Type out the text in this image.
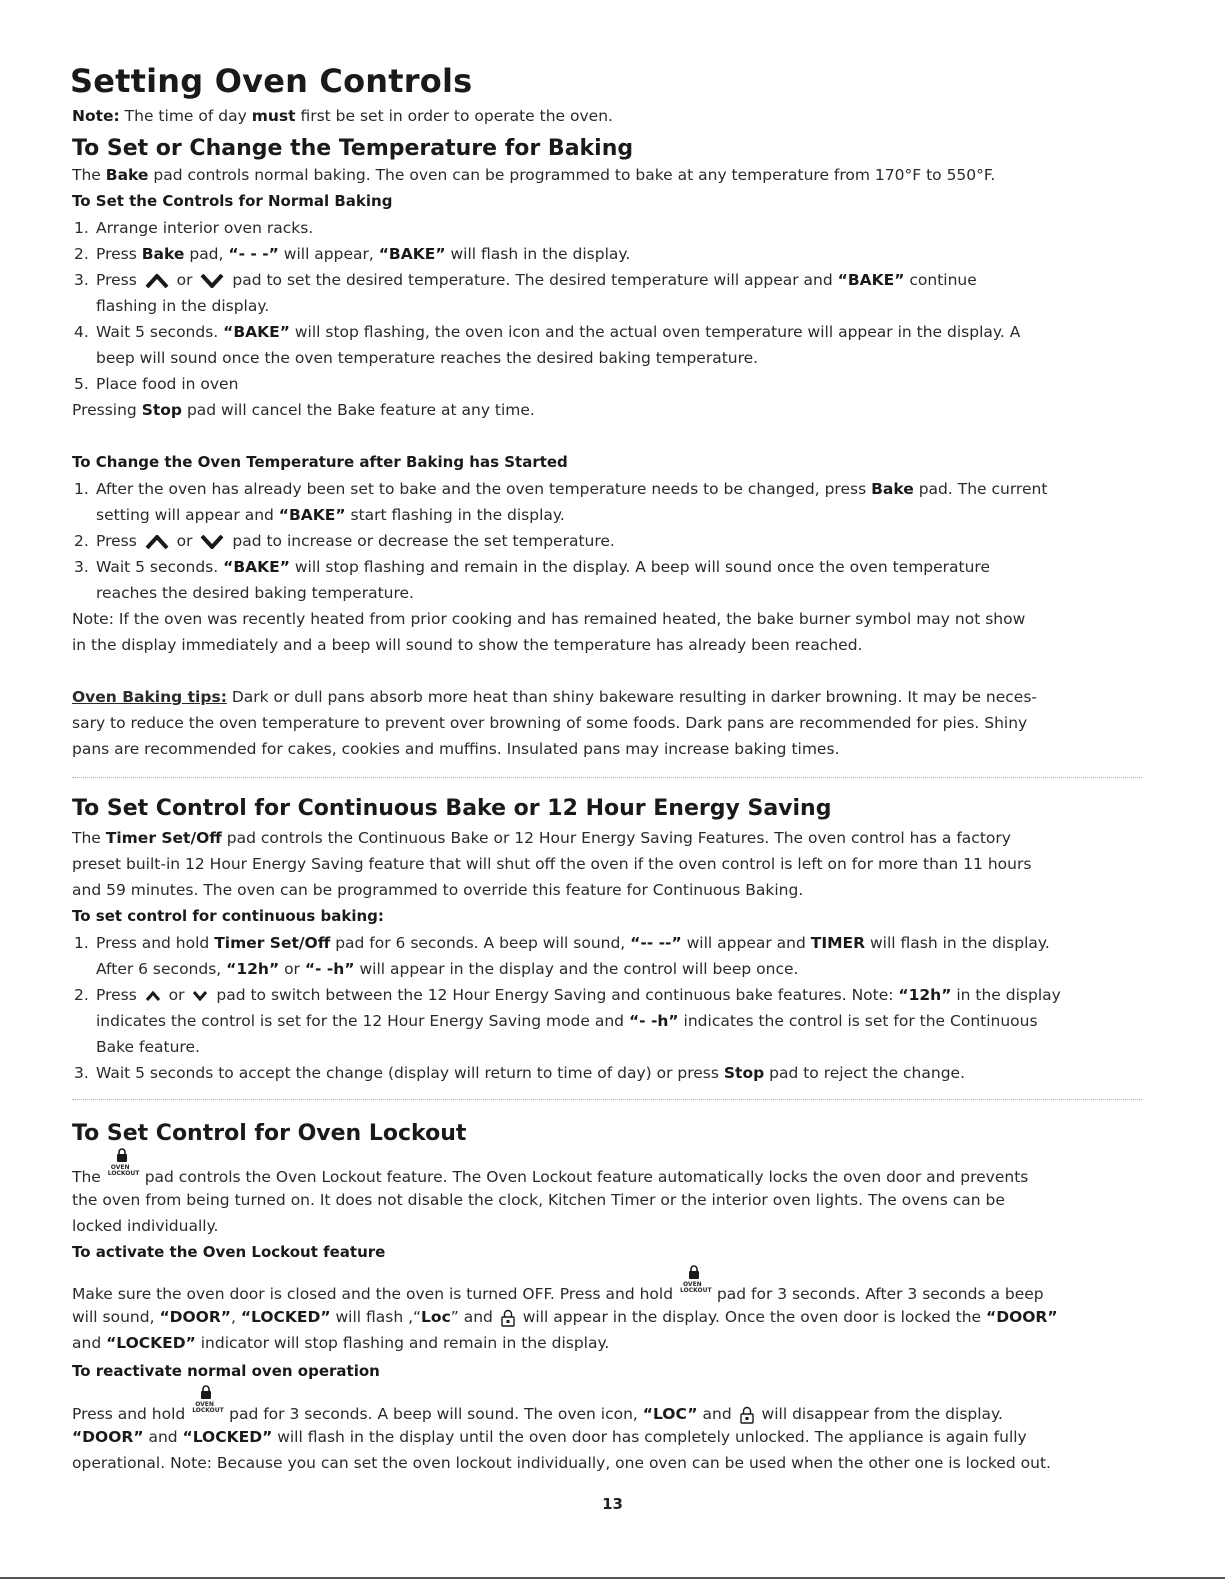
Setting Oven Controls

Note: The time of day must first be set in order to operate the oven.

To Set or Change the Temperature for Baking

The Bake pad controls normal baking. The oven can be programmed to bake at any temperature from 170°F to 550°F.

To Set the Controls for Normal Baking

1. Arrange interior oven racks.

2. Press Bake pad, “- - -” will appear, “BAKE” will flash in the display.

3. Press  or  pad to set the desired temperature. The desired temperature will appear and “BAKE” continue

flashing in the display.

4. Wait 5 seconds. “BAKE” will stop flashing, the oven icon and the actual oven temperature will appear in the display. A

beep will sound once the oven temperature reaches the desired baking temperature.

5. Place food in oven

Pressing Stop pad will cancel the Bake feature at any time.

To Change the Oven Temperature after Baking has Started

1. After the oven has already been set to bake and the oven temperature needs to be changed, press Bake pad. The current

setting will appear and “BAKE” start flashing in the display.

2. Press  or  pad to increase or decrease the set temperature.

3. Wait 5 seconds. “BAKE” will stop flashing and remain in the display. A beep will sound once the oven temperature

reaches the desired baking temperature.

Note: If the oven was recently heated from prior cooking and has remained heated, the bake burner symbol may not show

in the display immediately and a beep will sound to show the temperature has already been reached.

Oven Baking tips: Dark or dull pans absorb more heat than shiny bakeware resulting in darker browning. It may be neces-

sary to reduce the oven temperature to prevent over browning of some foods. Dark pans are recommended for pies. Shiny

pans are recommended for cakes, cookies and muffins. Insulated pans may increase baking times.

To Set Control for Continuous Bake or 12 Hour Energy Saving

The Timer Set/Off pad controls the Continuous Bake or 12 Hour Energy Saving Features. The oven control has a factory

preset built-in 12 Hour Energy Saving feature that will shut off the oven if the oven control is left on for more than 11 hours

and 59 minutes. The oven can be programmed to override this feature for Continuous Baking.

To set control for continuous baking:

1. Press and hold Timer Set/Off pad for 6 seconds. A beep will sound, “-- --” will appear and TIMER will flash in the display.

After 6 seconds, “12h” or “- -h” will appear in the display and the control will beep once.

2. Press  or  pad to switch between the 12 Hour Energy Saving and continuous bake features. Note: “12h” in the display

indicates the control is set for the 12 Hour Energy Saving mode and “- -h” indicates the control is set for the Continuous

Bake feature.

3. Wait 5 seconds to accept the change (display will return to time of day) or press Stop pad to reject the change.

To Set Control for Oven Lockout

The
OVEN
LOCKOUT pad controls the Oven Lockout feature. The Oven Lockout feature automatically locks the oven door and prevents

the oven from being turned on. It does not disable the clock, Kitchen Timer or the interior oven lights. The ovens can be

locked individually.

To activate the Oven Lockout feature

Make sure the oven door is closed and the oven is turned OFF. Press and hold
OVEN
LOCKOUT pad for 3 seconds. After 3 seconds a beep

will sound, “DOOR”, “LOCKED” will flash ,“Loc” and  will appear in the display. Once the oven door is locked the “DOOR”

and “LOCKED” indicator will stop flashing and remain in the display.

To reactivate normal oven operation

Press and hold
OVEN
LOCKOUT pad for 3 seconds. A beep will sound. The oven icon, “LOC” and  will disappear from the display.

“DOOR” and “LOCKED” will flash in the display until the oven door has completely unlocked. The appliance is again fully

operational. Note: Because you can set the oven lockout individually, one oven can be used when the other one is locked out.

13
